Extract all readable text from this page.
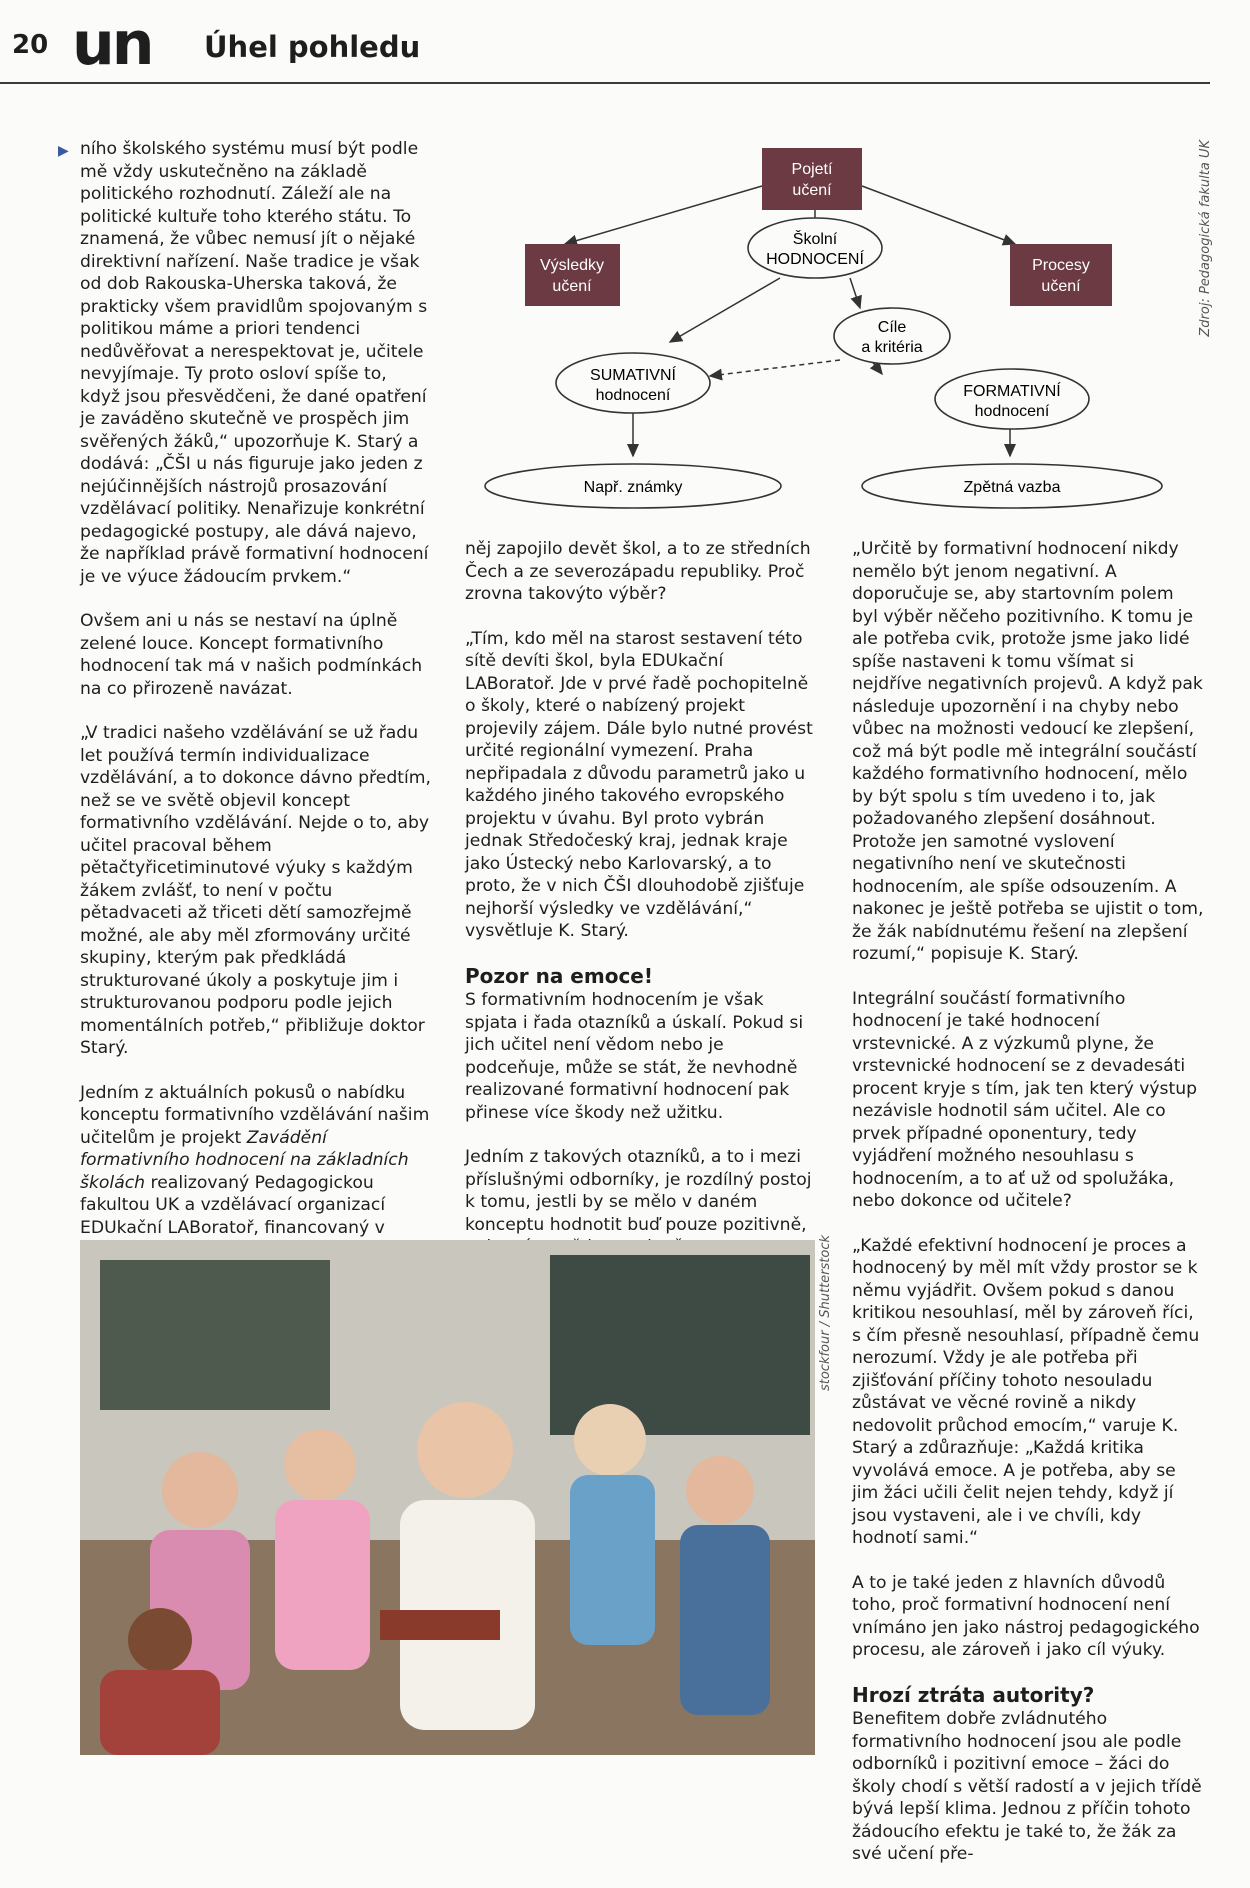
20 un Úhel pohledu
Zdroj: Pedagogická fakulta UK
Pojetí
učení
Výsledky
učení
Procesy
učení
Školní
HODNOCENÍ
Cíle
a kritéria
SUMATIVNÍ
hodnocení	FORMATIVNÍ
hodnocení
Např. známky	Zpětná vazba
▶ ního školského systému musí být podle mě vždy uskutečněno na základě politického rozhodnutí. Záleží ale na politické kultuře toho kterého státu. To znamená, že vůbec nemusí jít o nějaké direktivní nařízení. Naše tradice je však od dob Rakouska-Uherska taková, že prakticky všem pravidlům spojovaným s politikou máme a priori tendenci nedůvěřovat a nerespektovat je, učitele nevyjímaje. Ty proto osloví spíše to, když jsou přesvědčeni, že dané opatření je zaváděno skutečně ve prospěch jim svěřených žáků,“ upozorňuje K. Starý a dodává: „ČŠI u nás figuruje jako jeden z nejúčinnějších nástrojů prosazování vzdělávací politiky. Nenařizuje konkrétní pedagogické postupy, ale dává najevo, že například právě formativní hodnocení je ve výuce žádoucím prvkem.“

Ovšem ani u nás se nestaví na úplně zelené louce. Koncept formativního hodnocení tak má v našich podmínkách na co přirozeně navázat.

„V tradici našeho vzdělávání se už řadu let používá termín individualizace vzdělávání, a to dokonce dávno předtím, než se ve světě objevil koncept formativního vzdělávání. Nejde o to, aby učitel pracoval během pětačtyřicetiminutové výuky s každým žákem zvlášť, to není v počtu pětadvaceti až třiceti dětí samozřejmě možné, ale aby měl zformovány určité skupiny, kterým pak předkládá strukturované úkoly a poskytuje jim i strukturovanou podporu podle jejich momentálních potřeb,“ přibližuje doktor Starý.

Jedním z aktuálních pokusů o nabídku konceptu formativního vzdělávání našim učitelům je projekt Zavádění formativního hodnocení na základních školách realizovaný Pedagogickou fakultou UK a vzdělávací organizací EDUkační LABoratoř, financovaný v

něj zapojilo devět škol, a to ze středních Čech a ze severozápadu republiky. Proč zrovna takovýto výběr?

„Tím, kdo měl na starost sestavení této sítě devíti škol, byla EDUkační LABoratoř. Jde v prvé řadě pochopitelně o školy, které o nabízený projekt projevily zájem. Dále bylo nutné provést určité regionální vymezení. Praha nepřipadala z důvodu parametrů jako u každého jiného takového evropského projektu v úvahu. Byl proto vybrán jednak Středočeský kraj, jednak kraje jako Ústecký nebo Karlovarský, a to proto, že v nich ČŠI dlouhodobě zjišťuje nejhorší výsledky ve vzdělávání,“ vysvětluje K. Starý.

Pozor na emoce!

S formativním hodnocením je však spjata i řada otazníků a úskalí. Pokud si jich učitel není vědom nebo je podceňuje, může se stát, že nevhodně realizované formativní hodnocení pak přinese více škody než užitku.

Jedním z takových otazníků, a to i mezi příslušnými odborníky, je rozdílný postoj k tomu, jestli by se mělo v daném konceptu hodnotit buď pouze pozitivně,

„Určitě by formativní hodnocení nikdy nemělo být jenom negativní. A doporučuje se, aby startovním polem byl výběr něčeho pozitivního. K tomu je ale potřeba cvik, protože jsme jako lidé spíše nastaveni k tomu všímat si nejdříve negativních projevů. A když pak následuje upozornění i na chyby nebo vůbec na možnosti vedoucí ke zlepšení, což má být podle mě integrální součástí každého formativního hodnocení, mělo by být spolu s tím uvedeno i to, jak požadovaného zlepšení dosáhnout. Protože jen samotné vyslovení negativního není ve skutečnosti hodnocením, ale spíše odsouzením. A nakonec je ještě potřeba se ujistit o tom, že žák nabídnutému řešení na zlepšení rozumí,“ popisuje K. Starý.

Integrální součástí formativního hodnocení je také hodnocení vrstevnické. A z výzkumů plyne, že vrstevnické hodnocení se z devadesáti procent kryje s tím, jak ten který výstup nezávisle hodnotil sám učitel. Ale co prvek případné oponentury, tedy vyjádření možného nesouhlasu s hodnocením, a to ať už od spolužáka, nebo dokonce od učitele?

„Každé efektivní hodnocení je proces a hodnocený by měl mít vždy prostor se k němu vyjádřit. Ovšem pokud s danou kritikou nesouhlasí, měl by zároveň říci, s čím přesně nesouhlasí, případně čemu nerozumí. Vždy je ale potřeba při zjišťování příčiny tohoto nesouladu zůstávat ve věcné rovině a nikdy nedovolit průchod emocím,“ varuje K. Starý a zdůrazňuje: „Každá kritika vyvolává emoce. A je potřeba, aby se jim žáci učili čelit nejen tehdy, když jí jsou vystaveni, ale i ve chvíli, kdy hodnotí sami.“

A to je také jeden z hlavních důvodů toho, proč formativní hodnocení není vnímáno jen jako nástroj pedagogického procesu, ale zároveň i jako cíl výuky.

Hrozí ztráta autority?

Benefitem dobře zvládnutého formativního hodnocení jsou ale podle odborníků i pozitivní emoce – žáci do školy chodí s větší radostí a v jejich třídě bývá lepší klima. Jednou z příčin tohoto žádoucího efektu je také to, že žák za své učení pře-

stockfour / Shutterstock
